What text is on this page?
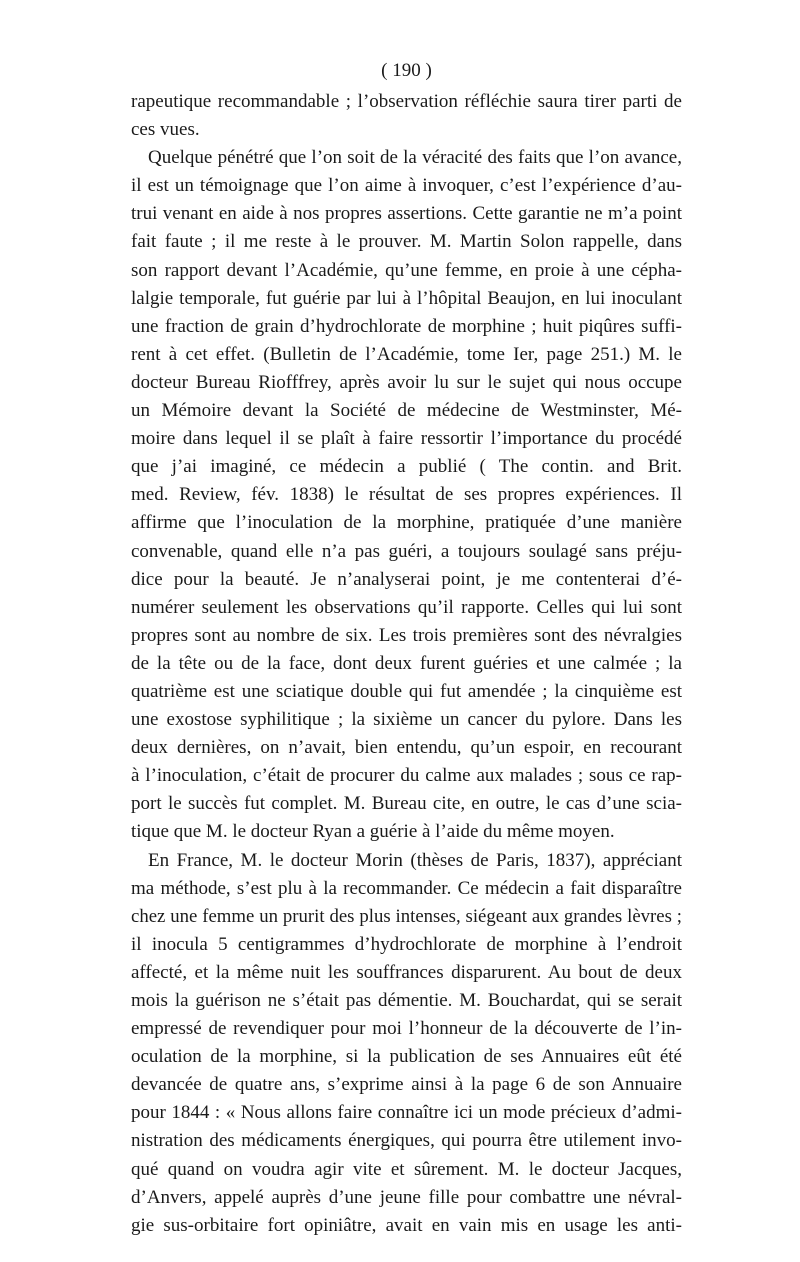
( 190 )
rapeutique recommandable ; l’observation réfléchie saura tirer parti de
ces vues.
Quelque pénétré que l’on soit de la véracité des faits que l’on avance,
il est un témoignage que l’on aime à invoquer, c’est l’expérience d’au-
trui venant en aide à nos propres assertions. Cette garantie ne m’a point
fait faute ; il me reste à le prouver. M. Martin Solon rappelle, dans
son rapport devant l’Académie, qu’une femme, en proie à une cépha-
lalgie temporale, fut guérie par lui à l’hôpital Beaujon, en lui inoculant
une fraction de grain d’hydrochlorate de morphine ; huit piqûres suffi-
rent à cet effet. (Bulletin de l’Académie, tome Ier, page 251.) M. le
docteur Bureau Riofffrey, après avoir lu sur le sujet qui nous occupe
un Mémoire devant la Société de médecine de Westminster, Mé-
moire dans lequel il se plaît à faire ressortir l’importance du procédé
que j’ai imaginé, ce médecin a publié ( The contin. and Brit.
med. Review, fév. 1838) le résultat de ses propres expériences. Il
affirme que l’inoculation de la morphine, pratiquée d’une manière
convenable, quand elle n’a pas guéri, a toujours soulagé sans préju-
dice pour la beauté. Je n’analyserai point, je me contenterai d’é-
numérer seulement les observations qu’il rapporte. Celles qui lui sont
propres sont au nombre de six. Les trois premières sont des névralgies
de la tête ou de la face, dont deux furent guéries et une calmée ; la
quatrième est une sciatique double qui fut amendée ; la cinquième est
une exostose syphilitique ; la sixième un cancer du pylore. Dans les
deux dernières, on n’avait, bien entendu, qu’un espoir, en recourant
à l’inoculation, c’était de procurer du calme aux malades ; sous ce rap-
port le succès fut complet. M. Bureau cite, en outre, le cas d’une scia-
tique que M. le docteur Ryan a guérie à l’aide du même moyen.
En France, M. le docteur Morin (thèses de Paris, 1837), appréciant
ma méthode, s’est plu à la recommander. Ce médecin a fait disparaître
chez une femme un prurit des plus intenses, siégeant aux grandes lèvres ;
il inocula 5 centigrammes d’hydrochlorate de morphine à l’endroit
affecté, et la même nuit les souffrances disparurent. Au bout de deux
mois la guérison ne s’était pas démentie. M. Bouchardat, qui se serait
empressé de revendiquer pour moi l’honneur de la découverte de l’in-
oculation de la morphine, si la publication de ses Annuaires eût été
devancée de quatre ans, s’exprime ainsi à la page 6 de son Annuaire
pour 1844 : « Nous allons faire connaître ici un mode précieux d’admi-
nistration des médicaments énergiques, qui pourra être utilement invo-
qué quand on voudra agir vite et sûrement. M. le docteur Jacques,
d’Anvers, appelé auprès d’une jeune fille pour combattre une névral-
gie sus-orbitaire fort opiniâtre, avait en vain mis en usage les anti-
